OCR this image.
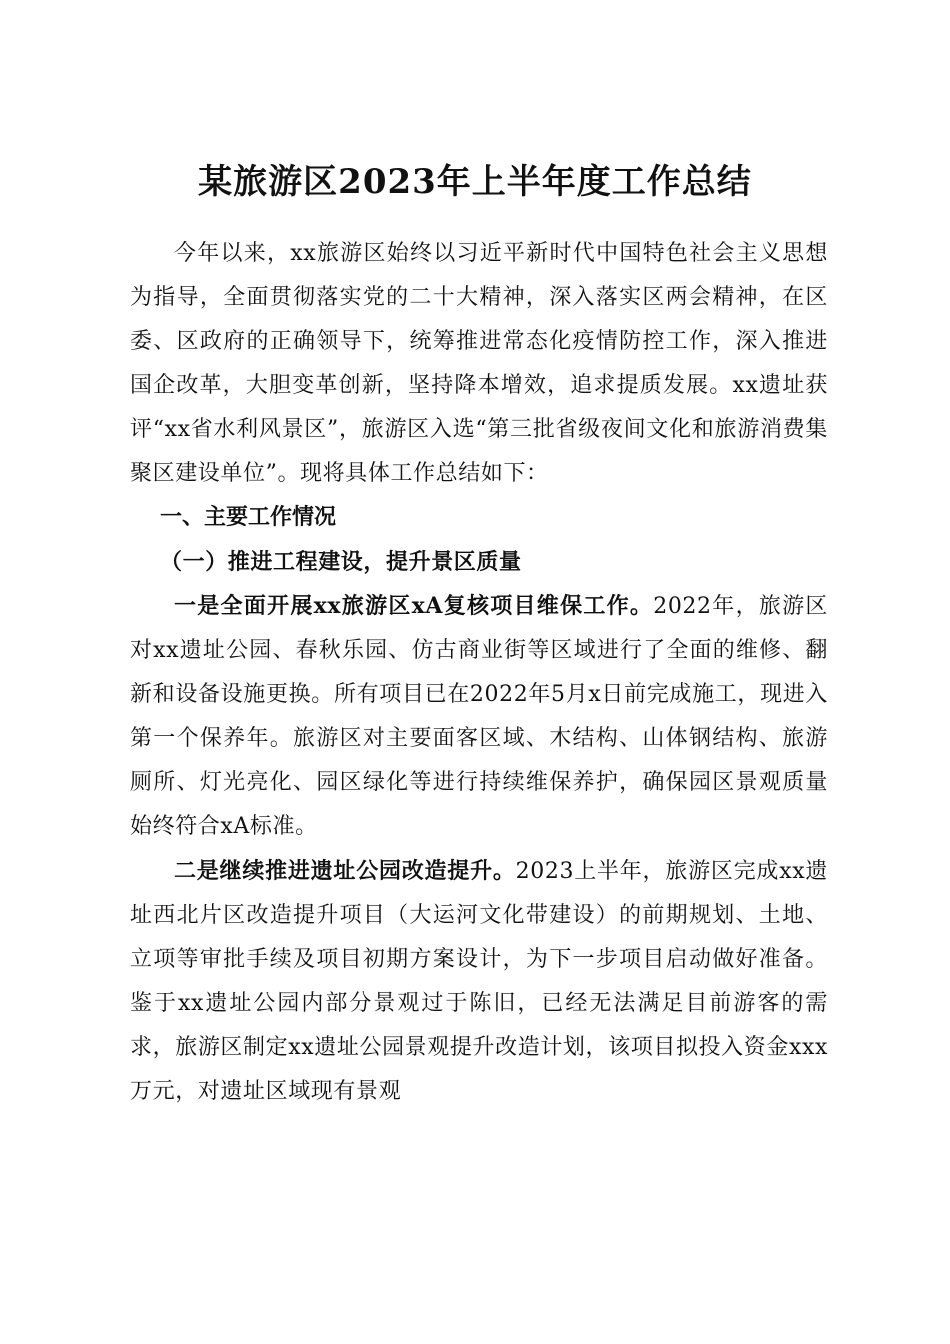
某旅游区2023年上半年度工作总结

今年以来，xx旅游区始终以习近平新时代中国特色社会主义思想为指导，全面贯彻落实党的二十大精神，深入落实区两会精神，在区委、区政府的正确领导下，统筹推进常态化疫情防控工作，深入推进国企改革，大胆变革创新，坚持降本增效，追求提质发展。xx遗址获评“xx省水利风景区”，旅游区入选“第三批省级夜间文化和旅游消费集聚区建设单位”。现将具体工作总结如下：

一、主要工作情况

（一）推进工程建设，提升景区质量

一是全面开展xx旅游区xA复核项目维保工作。2022年，旅游区对xx遗址公园、春秋乐园、仿古商业街等区域进行了全面的维修、翻新和设备设施更换。所有项目已在2022年5月x日前完成施工，现进入第一个保养年。旅游区对主要面客区域、木结构、山体钢结构、旅游厕所、灯光亮化、园区绿化等进行持续维保养护，确保园区景观质量始终符合xA标准。

二是继续推进遗址公园改造提升。2023上半年，旅游区完成xx遗址西北片区改造提升项目（大运河文化带建设）的前期规划、土地、立项等审批手续及项目初期方案设计，为下一步项目启动做好准备。鉴于xx遗址公园内部分景观过于陈旧，已经无法满足目前游客的需求，旅游区制定xx遗址公园景观提升改造计划，该项目拟投入资金xxx万元，对遗址区域现有景观
